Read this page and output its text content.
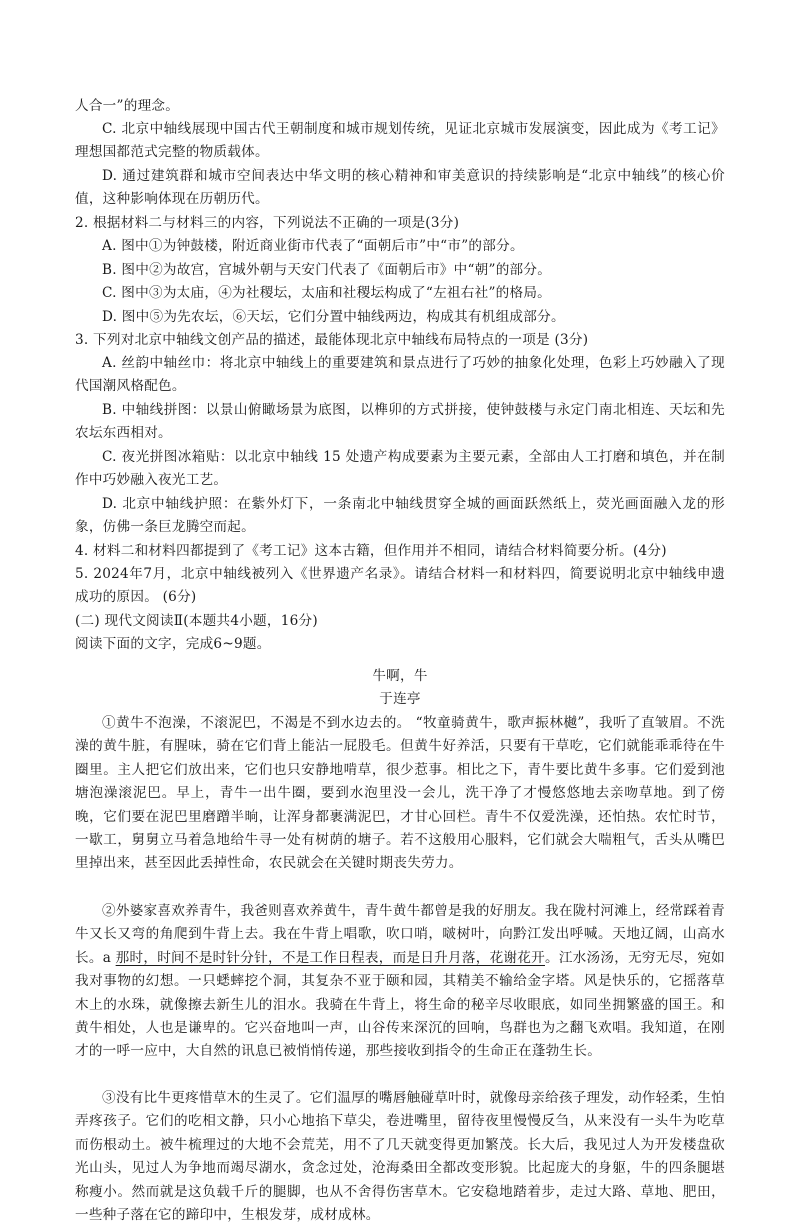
人合一”的理念。

C. 北京中轴线展现中国古代王朝制度和城市规划传统，见证北京城市发展演变，因此成为《考工记》理想国都范式完整的物质载体。

D. 通过建筑群和城市空间表达中华文明的核心精神和审美意识的持续影响是“北京中轴线”的核心价值，这种影响体现在历朝历代。

2. 根据材料二与材料三的内容，下列说法不正确的一项是(3分)

A. 图中①为钟鼓楼，附近商业街市代表了“面朝后市”中“市”的部分。

B. 图中②为故宫，宫城外朝与天安门代表了《面朝后市》中“朝”的部分。

C. 图中③为太庙，④为社稷坛，太庙和社稷坛构成了“左祖右社”的格局。

D. 图中⑤为先农坛，⑥天坛，它们分置中轴线两边，构成其有机组成部分。

3. 下列对北京中轴线文创产品的描述，最能体现北京中轴线布局特点的一项是 (3分)

A. 丝韵中轴丝巾：将北京中轴线上的重要建筑和景点进行了巧妙的抽象化处理，色彩上巧妙融入了现代国潮风格配色。

B. 中轴线拼图：以景山俯瞰场景为底图，以榫卯的方式拼接，使钟鼓楼与永定门南北相连、天坛和先农坛东西相对。

C. 夜光拼图冰箱贴：以北京中轴线 15 处遗产构成要素为主要元素，全部由人工打磨和填色，并在制作中巧妙融入夜光工艺。

D. 北京中轴线护照：在紫外灯下，一条南北中轴线贯穿全城的画面跃然纸上，荧光画面融入龙的形象，仿佛一条巨龙腾空而起。

4. 材料二和材料四都提到了《考工记》这本古籍，但作用并不相同，请结合材料简要分析。(4分)

5. 2024年7月，北京中轴线被列入《世界遗产名录》。请结合材料一和材料四，简要说明北京中轴线申遗成功的原因。 (6分)

(二) 现代文阅读Ⅱ(本题共4小题，16分)

阅读下面的文字，完成6~9题。

牛啊，牛

于连亭

①黄牛不泡澡，不滚泥巴，不渴是不到水边去的。 “牧童骑黄牛，歌声振林樾”，我听了直皱眉。不洗澡的黄牛脏，有腥味，骑在它们背上能沾一屁股毛。但黄牛好养活，只要有干草吃，它们就能乖乖待在牛圈里。主人把它们放出来，它们也只安静地啃草，很少惹事。相比之下，青牛要比黄牛多事。它们爱到池塘泡澡滚泥巴。早上，青牛一出牛圈，要到水泡里没一会儿，洗干净了才慢悠悠地去亲吻草地。到了傍晚，它们要在泥巴里磨蹭半晌，让浑身都裹满泥巴，才甘心回栏。青牛不仅爱洗澡，还怕热。农忙时节，一歇工，舅舅立马着急地给牛寻一处有树荫的塘子。若不这般用心服料，它们就会大喘粗气，舌头从嘴巴里掉出来，甚至因此丢掉性命，农民就会在关键时期丧失劳力。

②外婆家喜欢养青牛，我爸则喜欢养黄牛，青牛黄牛都曾是我的好朋友。我在陇村河滩上，经常踩着青牛又长又弯的角爬到牛背上去。我在牛背上唱歌，吹口哨，啵树叶，向黔江发出呼喊。天地辽阔，山高水长。a 那时，时间不是时针分针，不是工作日程表，而是日升月落，花谢花开。江水汤汤，无穷无尽，宛如我对事物的幻想。一只蟋蟀挖个洞，其复杂不亚于颐和园，其精美不输给金字塔。风是快乐的，它摇落草木上的水珠，就像擦去新生儿的泪水。我骑在牛背上，将生命的秘辛尽收眼底，如同坐拥繁盛的国王。和黄牛相处，人也是谦卑的。它兴奋地叫一声，山谷传来深沉的回响，鸟群也为之翻飞欢唱。我知道，在刚才的一呼一应中，大自然的讯息已被悄悄传递，那些接收到指令的生命正在蓬勃生长。

③没有比牛更疼惜草木的生灵了。它们温厚的嘴唇触碰草叶时，就像母亲给孩子理发，动作轻柔，生怕弄疼孩子。它们的吃相文静，只小心地掐下草尖，卷进嘴里，留待夜里慢慢反刍，从来没有一头牛为吃草而伤根动土。被牛梳理过的大地不会荒芜，用不了几天就变得更加繁茂。长大后，我见过人为开发楼盘砍光山头，见过人为争地而竭尽湖水，贪念过处，沧海桑田全都改变形貌。比起庞大的身躯，牛的四条腿堪称瘦小。然而就是这负载千斤的腿脚，也从不舍得伤害草木。它安稳地踏着步，走过大路、草地、肥田，一些种子落在它的蹄印中，生根发芽，成材成林。
